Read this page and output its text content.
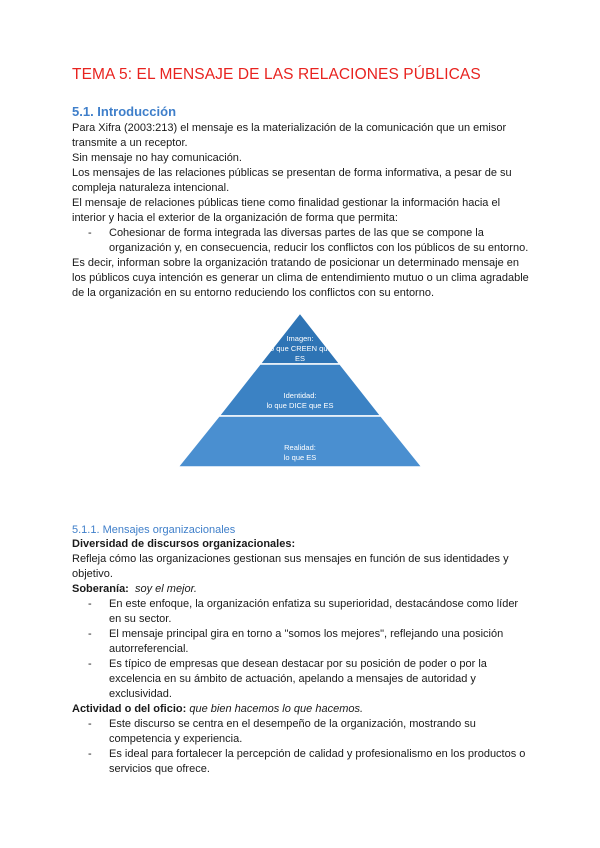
TEMA 5: EL MENSAJE DE LAS RELACIONES PÚBLICAS
5.1. Introducción

Para Xifra (2003:213) el mensaje es la materialización de la comunicación que un emisor transmite a un receptor.

Sin mensaje no hay comunicación.

Los mensajes de las relaciones públicas se presentan de forma informativa, a pesar de su compleja naturaleza intencional.

El mensaje de relaciones públicas tiene como finalidad gestionar la información hacia el interior y hacia el exterior de la organización de forma que permita:

- Cohesionar de forma integrada las diversas partes de las que se compone la organización y, en consecuencia, reducir los conflictos con los públicos de su entorno.

Es decir, informan sobre la organización tratando de posicionar un determinado mensaje en los públicos cuya intención es generar un clima de entendimiento mutuo o un clima agradable de la organización en su entorno reduciendo los conflictos con su entorno.

Imagen:
lo que CREEN que
ES
Identidad:
lo que DICE que ES
Realidad:
lo que ES
5.1.1. Mensajes organizacionales

Diversidad de discursos organizacionales:

Refleja cómo las organizaciones gestionan sus mensajes en función de sus identidades y objetivo.

Soberanía: soy el mejor.

- En este enfoque, la organización enfatiza su superioridad, destacándose como líder en su sector.
- El mensaje principal gira en torno a "somos los mejores", reflejando una posición autorreferencial.
- Es típico de empresas que desean destacar por su posición de poder o por la excelencia en su ámbito de actuación, apelando a mensajes de autoridad y exclusividad.

Actividad o del oficio: que bien hacemos lo que hacemos.

- Este discurso se centra en el desempeño de la organización, mostrando su competencia y experiencia.
- Es ideal para fortalecer la percepción de calidad y profesionalismo en los productos o servicios que ofrece.
